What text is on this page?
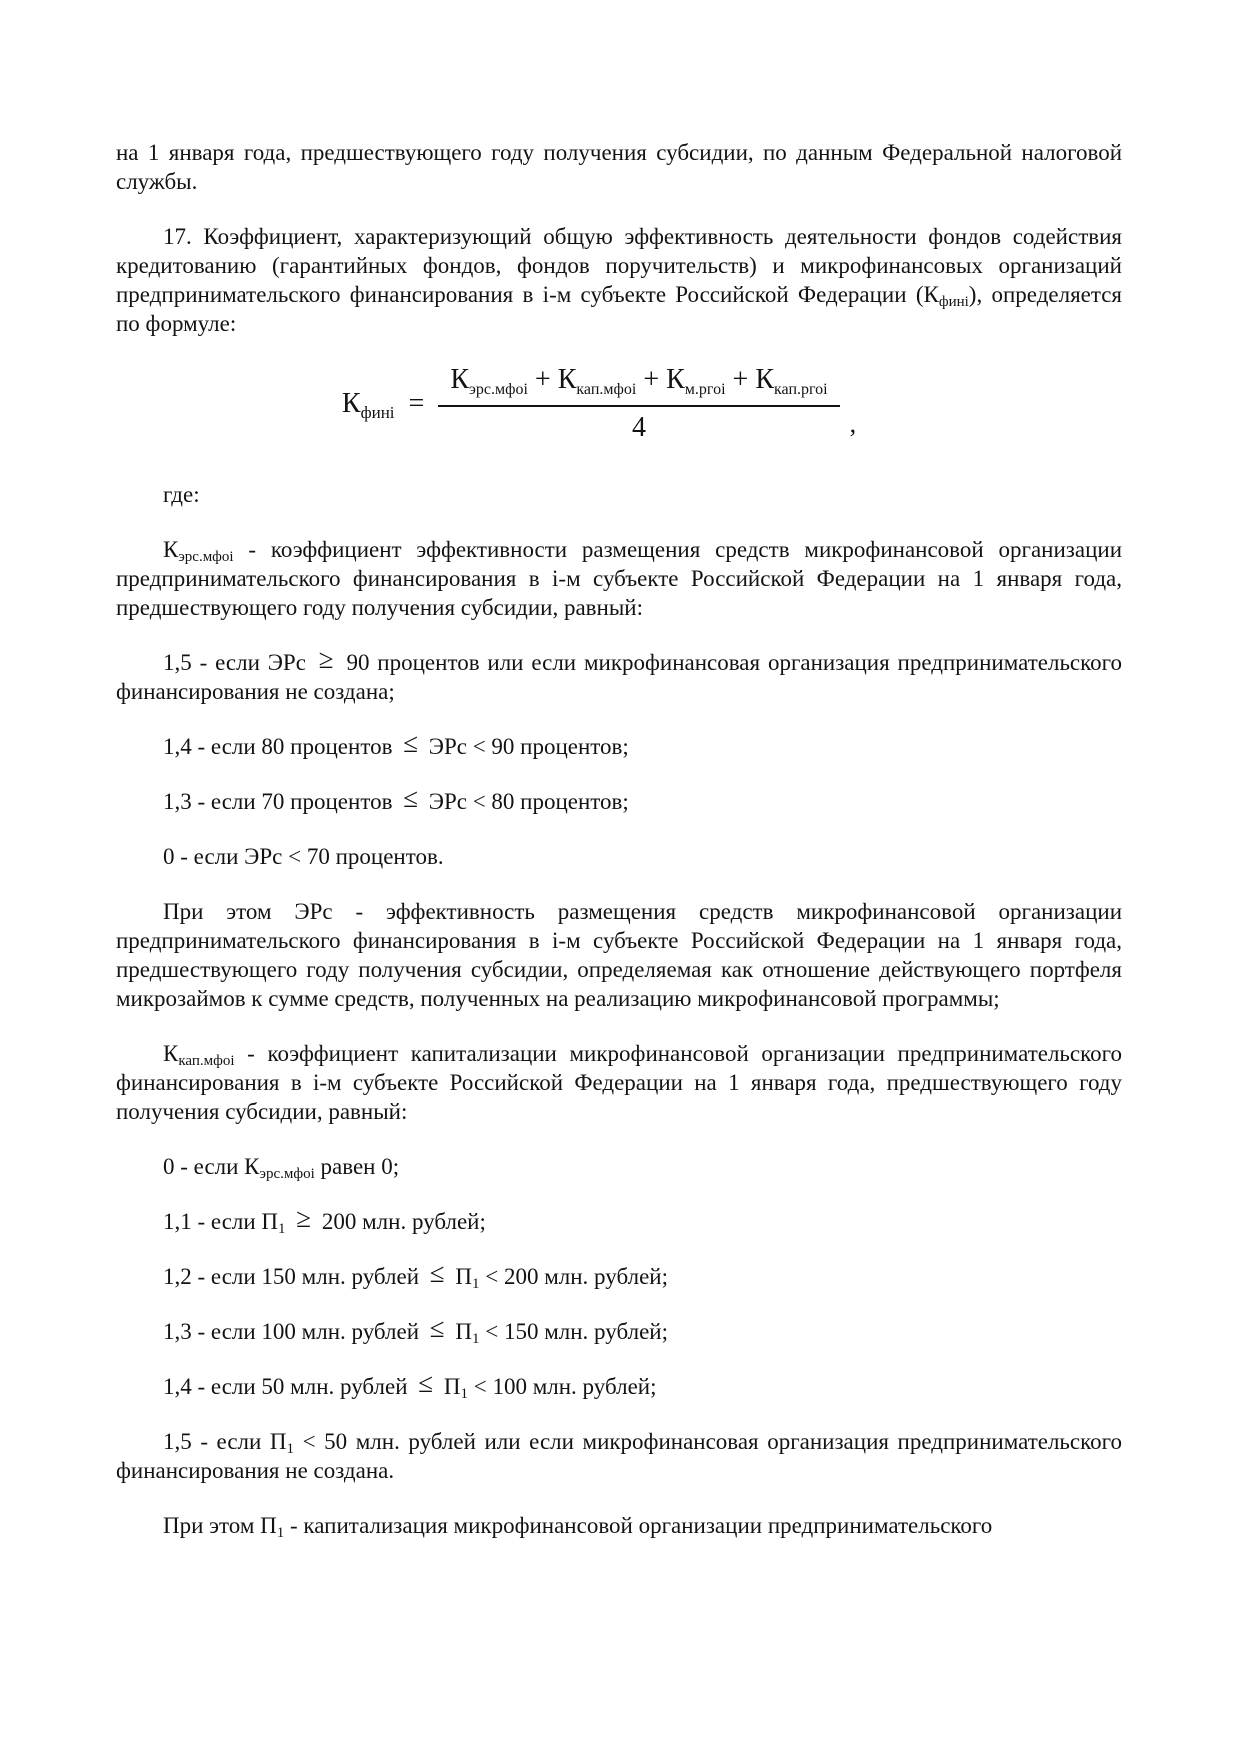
на 1 января года, предшествующего году получения субсидии, по данным Федеральной налоговой службы.

17. Коэффициент, характеризующий общую эффективность деятельности фондов содействия кредитованию (гарантийных фондов, фондов поручительств) и микрофинансовых организаций предпринимательского финансирования в i-м субъекте Российской Федерации $(К_{финi})$, определяется по формуле:

$К_{финi} = \frac{К_{эрс.мфоi} + К_{кап.мфоi} + К_{м.ргоi} + К_{кап.ргоi}}{4}$ ,

где:

$К_{эрс.мфоi}$ - коэффициент эффективности размещения средств микрофинансовой организации предпринимательского финансирования в i-м субъекте Российской Федерации на 1 января года, предшествующего году получения субсидии, равный:

1,5 - если ЭРс ≥ 90 процентов или если микрофинансовая организация предпринимательского финансирования не создана;

1,4 - если 80 процентов ≤ ЭРс < 90 процентов;

1,3 - если 70 процентов ≤ ЭРс < 80 процентов;

0 - если ЭРс < 70 процентов.

При этом ЭРс - эффективность размещения средств микрофинансовой организации предпринимательского финансирования в i-м субъекте Российской Федерации на 1 января года, предшествующего году получения субсидии, определяемая как отношение действующего портфеля микрозаймов к сумме средств, полученных на реализацию микрофинансовой программы;

$К_{кап.мфоi}$ - коэффициент капитализации микрофинансовой организации предпринимательского финансирования в i-м субъекте Российской Федерации на 1 января года, предшествующего году получения субсидии, равный:

0 - если $К_{эрс.мфоi}$ равен 0;

1,1 - если $П_1 \ge 200$ млн. рублей;

1,2 - если 150 млн. рублей ≤ $П_1 < 200$ млн. рублей;

1,3 - если 100 млн. рублей ≤ $П_1 < 150$ млн. рублей;

1,4 - если 50 млн. рублей ≤ $П_1 < 100$ млн. рублей;

1,5 - если $П_1 < 50$ млн. рублей или если микрофинансовая организация предпринимательского финансирования не создана.

При этом $П_1$ - капитализация микрофинансовой организации предпринимательского
